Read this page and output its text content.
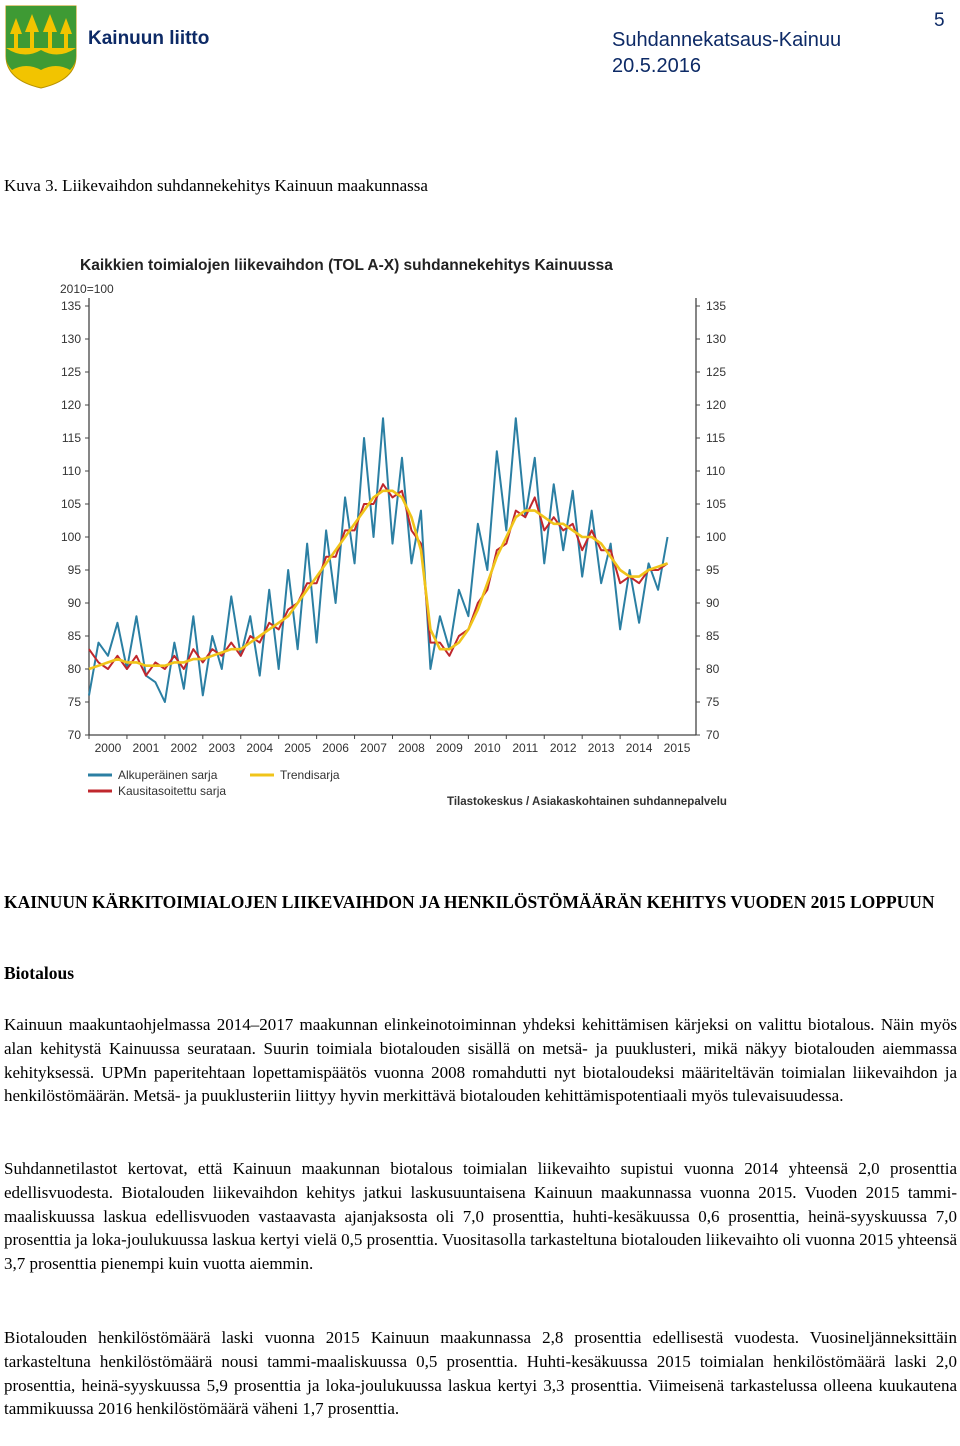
Kainuun liitto	Suhdannekatsaus-Kainuu
20.5.2016
5
Kuva 3. Liikevaihdon suhdannekehitys Kainuun maakunnassa
Kaikkien toimialojen liikevaihdon (TOL A-X) suhdannekehitys Kainuussa
2010=100
70	70
75	75
80	80
85	85
90	90
95	95
100	100
105	105
110	110
115	115
120	120
125	125
130	130
135	135
2000 2001 2002 2003 2004 2005 2006 2007 2008 2009 2010 2011 2012 2013 2014 2015
Alkuperäinen sarja
Kausitasoitettu sarja
Trendisarja
Tilastokeskus / Asiakaskohtainen suhdannepalvelu
KAINUUN KÄRKITOIMIALOJEN LIIKEVAIHDON JA HENKILÖSTÖMÄÄRÄN KEHITYS VUODEN 2015 LOPPUUN
Biotalous
Kainuun maakuntaohjelmassa 2014–2017 maakunnan elinkeinotoiminnan yhdeksi kehittämisen kärjeksi on valittu biotalous. Näin myös alan kehitystä Kainuussa seurataan. Suurin toimiala biotalouden sisällä on metsä- ja puuklusteri, mikä näkyy biotalouden aiemmassa kehityksessä. UPMn paperitehtaan lopettamispäätös vuonna 2008 romahdutti nyt biotaloudeksi määriteltävän toimialan liikevaihdon ja henkilöstömäärän. Metsä- ja puuklusteriin liittyy hyvin merkittävä biotalouden kehittämispotentiaali myös tulevaisuudessa.
Suhdannetilastot kertovat, että Kainuun maakunnan biotalous toimialan liikevaihto supistui vuonna 2014 yhteensä 2,0 prosenttia edellisvuodesta. Biotalouden liikevaihdon kehitys jatkui laskusuuntaisena Kainuun maakunnassa vuonna 2015. Vuoden 2015 tammi-maaliskuussa laskua edellisvuoden vastaavasta ajanjaksosta oli 7,0 prosenttia, huhti-kesäkuussa 0,6 prosenttia, heinä-syyskuussa 7,0 prosenttia ja loka-joulukuussa laskua kertyi vielä 0,5 prosenttia. Vuositasolla tarkasteltuna biotalouden liikevaihto oli vuonna 2015 yhteensä 3,7 prosenttia pienempi kuin vuotta aiemmin.
Biotalouden henkilöstömäärä laski vuonna 2015 Kainuun maakunnassa 2,8 prosenttia edellisestä vuodesta. Vuosineljänneksittäin tarkasteltuna henkilöstömäärä nousi tammi-maaliskuussa 0,5 prosenttia. Huhti-kesäkuussa 2015 toimialan henkilöstömäärä laski 2,0 prosenttia, heinä-syyskuussa 5,9 prosenttia ja loka-joulukuussa laskua kertyi 3,3 prosenttia. Viimeisenä tarkastelussa olleena kuukautena tammikuussa 2016 henkilöstömäärä väheni 1,7 prosenttia.
